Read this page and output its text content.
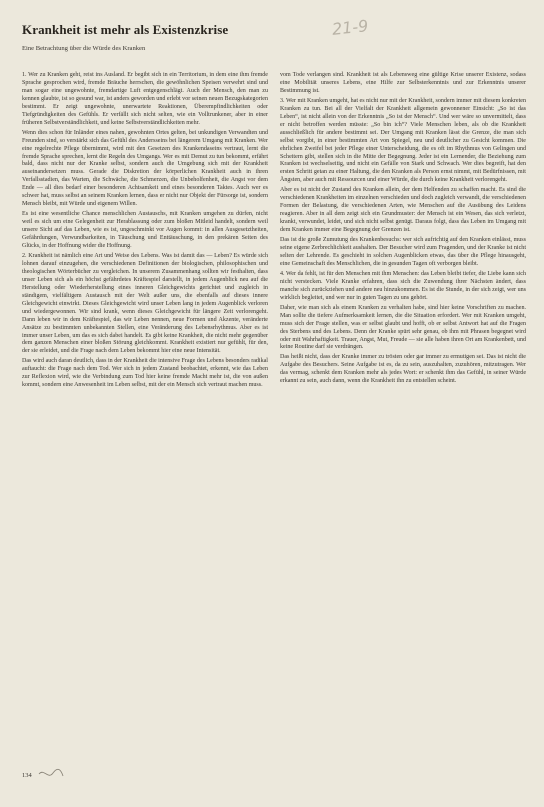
Krankheit ist mehr als Existenzkrise
Eine Betrachtung über die Würde des Kranken
21-9

1. Wer zu Kranken geht, reist ins Ausland. Er begibt sich in ein Territorium, in dem eine ihm fremde Sprache gesprochen wird, fremde Bräuche herrschen, die gewöhnlichen Speisen verwehrt sind und man sogar eine ungewohnte, fremdartige Luft entgegenschlägt. Auch der Mensch, den man zu kennen glaubte, ist so gesund war, ist anders geworden und erlebt vor seinen neuen Bezugskategorien bestimmt. Er zeigt ungewohnte, unerwartete Reaktionen, Überempfindlichkeiten oder Tiefgründigkeiten des Gefühls. Er verfällt sich nicht selten, wie ein Volltrunkener, aber in einer früheren Selbstverständlichkeit, und keine Selbstverständlichkeiten mehr.

Wenn dies schon für Inländer eines nahen, gewohnten Ortes gelten, bei unkundigen Verwandten und Freunden sind, so verstärkt sich das Gefühl des Andersseins bei längerem Umgang mit Kranken. Wer eine regelrechte Pflege übernimmt, wird mit den Gesetzen des Krankendaseins vertraut, lernt die fremde Sprache sprechen, lernt die Regeln des Umgangs. Wer es mit Demut zu tun bekommt, erfährt bald, dass nicht nur der Kranke selbst, sondern auch die Umgebung sich mit der Krankheit auseinandersetzen muss. Gerade die Diskretion der körperlichen Krankheit auch in ihren Verfallsstadien, das Warten, die Schwäche, die Schmerzen, die Unbeholfenheit, die Angst vor dem Ende — all dies bedarf einer besonderen Achtsamkeit und eines besonderen Taktes. Auch wer es schwer hat, muss selbst an seinem Kranken lernen, dass er nicht nur Objekt der Fürsorge ist, sondern Mensch bleibt, mit Würde und eigenem Willen.

Es ist eine wesentliche Chance menschlichen Austauschs, mit Kranken umgehen zu dürfen, nicht weil es sich um eine Gelegenheit zur Herablassung oder zum bloßen Mitleid handelt, sondern weil unsere Sicht auf das Leben, wie es ist, ungeschminkt vor Augen kommt: in allen Ausgesetztheiten, Gefährdungen, Verwundbarkeiten, in Täuschung und Enttäuschung, in den prekären Seiten des Glücks, in der Hoffnung wider die Hoffnung.

2. Krankheit ist nämlich eine Art und Weise des Lebens. Was ist damit das — Leben? Es würde sich lohnen darauf einzugehen, die verschiedenen Definitionen der biologischen, philosophischen und theologischen Wörterbücher zu vergleichen. In unserem Zusammenhang sollten wir festhalten, dass unser Leben sich als ein höchst gefährdetes Kräftespiel darstellt, in jedem Augenblick neu auf die Herstellung oder Wiederherstellung eines inneren Gleichgewichts gerichtet und zugleich in ständigem, vielfältigem Austausch mit der Welt außer uns, die ebenfalls auf dieses innere Gleichgewicht einwirkt. Dieses Gleichgewicht wird unser Leben lang in jedem Augenblick verloren und wiedergewonnen. Wir sind krank, wenn dieses Gleichgewicht für längere Zeit verlorengeht. Dann leben wir in dem Kräftespiel, das wir Leben nennen, neue Formen und Akzente, veränderte Ansätze zu bestimmten unbekannten Stellen, eine Veränderung des Lebensrhythmus. Aber es ist immer unser Leben, um das es sich dabei handelt. Es gibt keine Krankheit, die nicht mehr gegenüber dem ganzen Menschen einer bloßen Störung gleichkommt. Krankheit existiert nur gefühlt, für den, der sie erleidet, und die Frage nach dem Leben bekommt hier eine neue Intensität.

Das wird auch daran deutlich, dass in der Krankheit die intensive Frage des Lebens besonders radikal auftaucht: die Frage nach dem Tod. Wer sich in jedem Zustand beobachtet, erkennt, wie das Leben zur Reflexion wird, wie die Verbindung zum Tod hier keine fremde Macht mehr ist, die von außen kommt, sondern eine Anwesenheit im Leben selbst, mit der ein Mensch sich vertraut machen muss.

vom Tode verlangen sind. Krankheit ist als Lebensweg eine gültige Krise unserer Existenz, sodass eine Mobilität unseres Lebens, eine Hilfe zur Selbsterkenntnis und zur Erkenntnis unserer Bestimmung ist.

3. Wer mit Kranken umgeht, hat es nicht nur mit der Krankheit, sondern immer mit diesem konkreten Kranken zu tun. Bei all der Vielfalt der Krankheit allgemein gewonnener Einsicht: „So ist das Leben“, ist nicht allein von der Erkenntnis „So ist der Mensch“. Und wer wäre so unvermittelt, dass er nicht betroffen werden müsste: „So bin ich“? Viele Menschen leben, als ob die Krankheit ausschließlich für andere bestimmt sei. Der Umgang mit Kranken lässt die Grenze, die man sich selbst vorgibt, in einer bestimmten Art von Spiegel, neu und deutlicher zu Gesicht kommen. Die ehrlichen Zweifel bei jeder Pflege einer Unterscheidung, die es oft im Rhythmus von Gelingen und Scheitern gibt, stellen sich in die Mitte der Begegnung. Jeder ist ein Lernender, die Beziehung zum Kranken ist wechselseitig, und nicht ein Gefälle von Stark und Schwach. Wer dies begreift, hat den ersten Schritt getan zu einer Haltung, die den Kranken als Person ernst nimmt, mit Bedürfnissen, mit Ängsten, aber auch mit Ressourcen und einer Würde, die durch keine Krankheit verlorengeht.

Aber es ist nicht der Zustand des Kranken allein, der dem Helfenden zu schaffen macht. Es sind die verschiedenen Krankheiten im einzelnen verschieden und doch zugleich verwandt, die verschiedenen Formen der Belastung, die verschiedenen Arten, wie Menschen auf die Ausübung des Leidens reagieren. Aber in all dem zeigt sich ein Grundmuster: der Mensch ist ein Wesen, das sich verletzt, krankt, verwundet, leidet, und sich nicht selbst genügt. Daraus folgt, dass das Leben im Umgang mit dem Kranken immer eine Begegnung der Grenzen ist.

Das ist die große Zumutung des Krankenbesuchs: wer sich aufrichtig auf den Kranken einlässt, muss seine eigene Zerbrechlichkeit aushalten. Der Besucher wird zum Fragenden, und der Kranke ist nicht selten der Lehrende. Es geschieht in solchen Augenblicken etwas, das über die Pflege hinausgeht, eine Gemeinschaft des Menschlichen, die in gesunden Tagen oft verborgen bleibt.

4. Wer da fehlt, ist für den Menschen mit ihm Menschen: das Leben bleibt tiefer, die Liebe kann sich nicht verstecken. Viele Kranke erfahren, dass sich die Zuwendung ihrer Nächsten ändert, dass manche sich zurückziehen und andere neu hinzukommen. Es ist die Stunde, in der sich zeigt, wer uns wirklich begleitet, und wer nur in guten Tagen zu uns gehört.

Daher, wie man sich als einem Kranken zu verhalten habe, sind hier keine Vorschriften zu machen. Man sollte die tiefere Aufmerksamkeit lernen, die die Situation erfordert. Wer mit Kranken umgeht, muss sich der Frage stellen, was er selbst glaubt und hofft, ob er selbst Antwort hat auf die Fragen des Sterbens und des Lebens. Denn der Kranke spürt sehr genau, ob ihm mit Phrasen begegnet wird oder mit Wahrhaftigkeit. Trauer, Angst, Mut, Freude — sie alle haben ihren Ort am Krankenbett, und keine Routine darf sie verdrängen.

Das heißt nicht, dass der Kranke immer zu trösten oder gar immer zu ermutigen sei. Das ist nicht die Aufgabe des Besuchers. Seine Aufgabe ist es, da zu sein, auszuhalten, zuzuhören, mitzutragen. Wer das vermag, schenkt dem Kranken mehr als jedes Wort: er schenkt ihm das Gefühl, in seiner Würde erkannt zu sein, auch dann, wenn die Krankheit ihn zu entstellen scheint.

134
